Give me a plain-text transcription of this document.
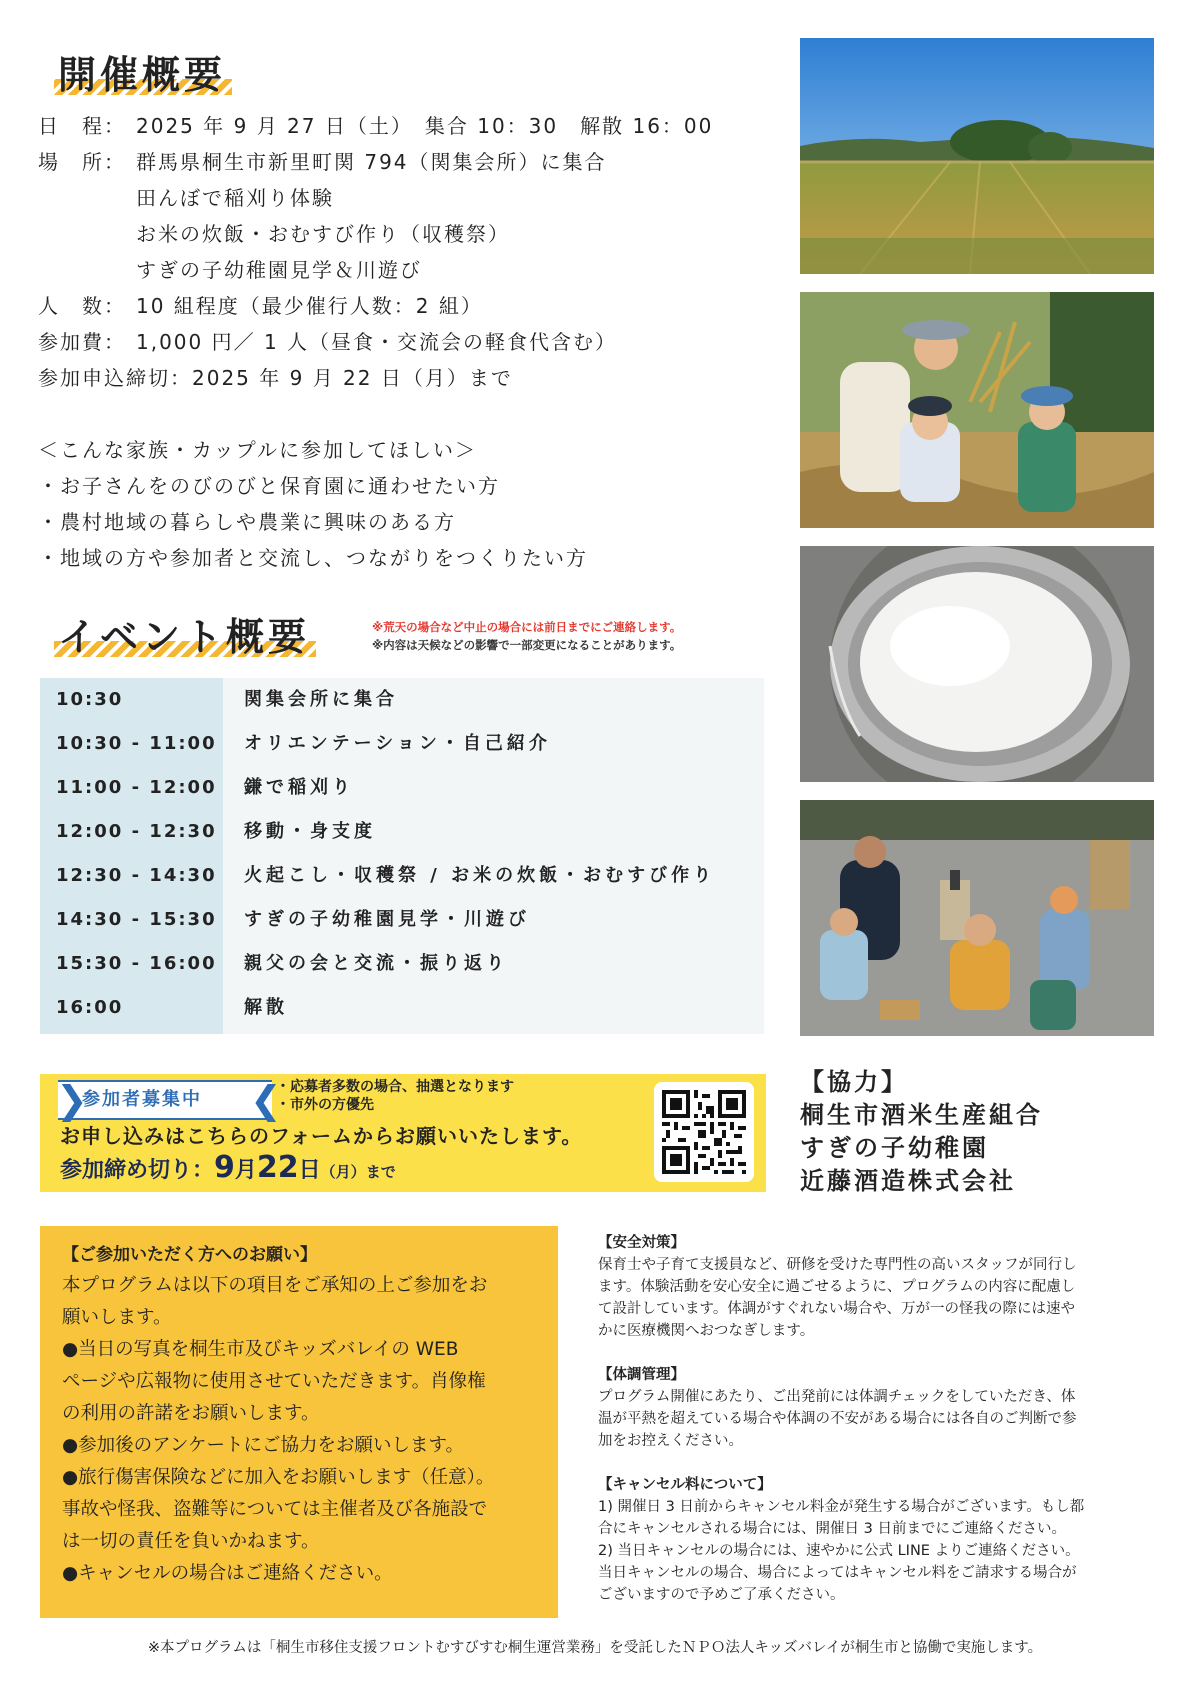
開催概要
日　程： 2025 年 9 月 27 日（土）　集合 10：30　解散 16：00
場　所： 群馬県桐生市新里町関 794（関集会所）に集合
田んぼで稲刈り体験
お米の炊飯・おむすび作り（収穫祭）
すぎの子幼稚園見学＆川遊び
人　数： 10 組程度（最少催行人数：2 組）
参加費： 1,000 円／ 1 人（昼食・交流会の軽食代含む）
参加申込締切：2025 年 9 月 22 日（月）まで
＜こんな家族・カップルに参加してほしい＞
・お子さんをのびのびと保育園に通わせたい方
・農村地域の暮らしや農業に興味のある方
・地域の方や参加者と交流し、つながりをつくりたい方
イベント概要	※荒天の場合など中止の場合には前日までにご連絡します。
※内容は天候などの影響で一部変更になることがあります。
10:30	関集会所に集合
10:30 - 11:00 オリエンテーション・自己紹介
11:00 - 12:00 鎌で稲刈り
12:00 - 12:30 移動・身支度
12:30 - 14:30 火起こし・収穫祭 / お米の炊飯・おむすび作り
14:30 - 15:30 すぎの子幼稚園見学・川遊び
15:30 - 16:00 親父の会と交流・振り返り
16:00	解散
❯
参加者募集中 ❮
・応募者多数の場合、抽選となります
・市外の方優先
お申し込みはこちらのフォームからお願いいたします。
参加締め切り：9月22日（月）まで
【協力】
桐生市酒米生産組合
すぎの子幼稚園
近藤酒造株式会社
【ご参加いただく方へのお願い】
本プログラムは以下の項目をご承知の上ご参加をお
願いします。
●当日の写真を桐生市及びキッズバレイの WEB
ページや広報物に使用させていただきます。肖像権
の利用の許諾をお願いします。
●参加後のアンケートにご協力をお願いします。
●旅行傷害保険などに加入をお願いします（任意）。
事故や怪我、盗難等については主催者及び各施設で
は一切の責任を負いかねます。
●キャンセルの場合はご連絡ください。
【安全対策】
保育士や子育て支援員など、研修を受けた専門性の高いスタッフが同行し
ます。体験活動を安心安全に過ごせるように、プログラムの内容に配慮し
て設計しています。体調がすぐれない場合や、万が一の怪我の際には速や
かに医療機関へおつなぎします。
【体調管理】
プログラム開催にあたり、ご出発前には体調チェックをしていただき、体
温が平熱を超えている場合や体調の不安がある場合には各自のご判断で参
加をお控えください。
【キャンセル料について】
1) 開催日 3 日前からキャンセル料金が発生する場合がございます。もし都
合にキャンセルされる場合には、開催日 3 日前までにご連絡ください。
2) 当日キャンセルの場合には、速やかに公式 LINE よりご連絡ください。
当日キャンセルの場合、場合によってはキャンセル料をご請求する場合が
ございますので予めご了承ください。
※本プログラムは「桐生市移住支援フロントむすびすむ桐生運営業務」を受託したＮＰＯ法人キッズバレイが桐生市と協働で実施します。
